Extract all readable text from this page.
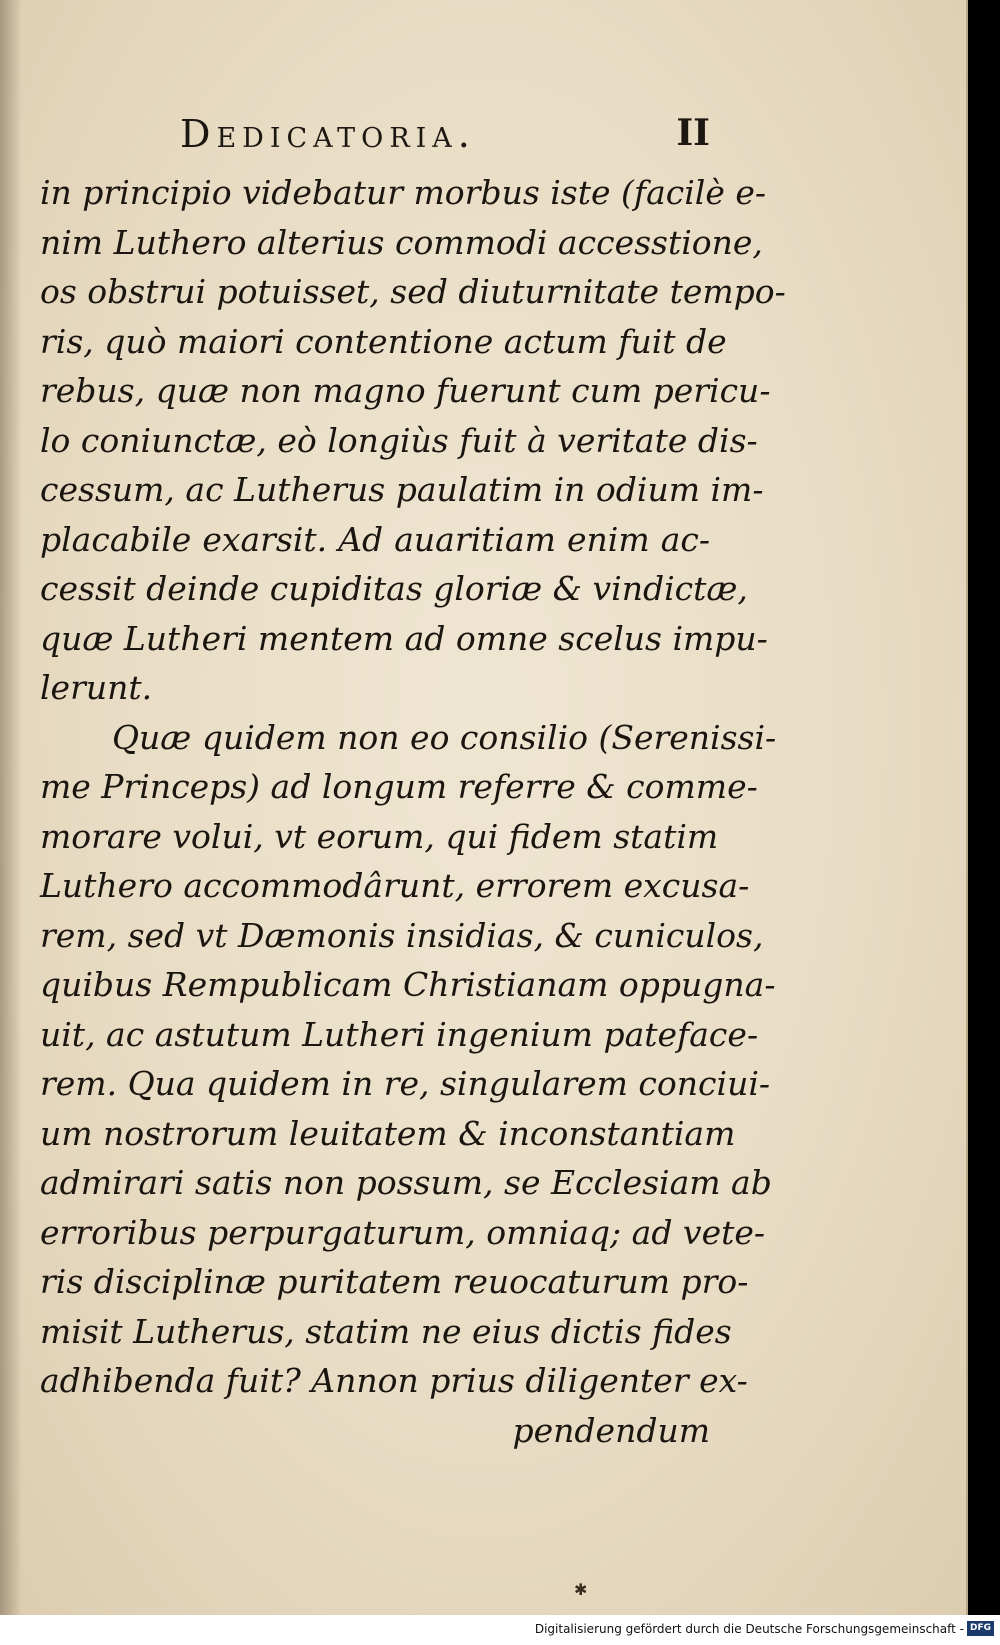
Dedicatoria.	II
in principio videbatur morbus iste (facilè e-
nim Luthero alterius commodi accesstione,
os obstrui potuisset, sed diuturnitate tempo-
ris, quò maiori contentione actum fuit de
rebus, quæ non magno fuerunt cum pericu-
lo coniunctæ, eò longiùs fuit à veritate dis-
cessum, ac Lutherus paulatim in odium im-
placabile exarsit. Ad auaritiam enim ac-
cessit deinde cupiditas gloriæ & vindictæ,
quæ Lutheri mentem ad omne scelus impu-
lerunt.
Quæ quidem non eo consilio (Serenissi-
me Princeps) ad longum referre & comme-
morare volui, vt eorum, qui fidem statim
Luthero accommodârunt, errorem excusa-
rem, sed vt Dæmonis insidias, & cuniculos,
quibus Rempublicam Christianam oppugna-
uit, ac astutum Lutheri ingenium pateface-
rem. Qua quidem in re, singularem conciui-
um nostrorum leuitatem & inconstantiam
admirari satis non possum, se Ecclesiam ab
erroribus perpurgaturum, omniaq; ad vete-
ris disciplinæ puritatem reuocaturum pro-
misit Lutherus, statim ne eius dictis fides
adhibenda fuit? Annon prius diligenter ex-
pendendum
✱
Digitalisierung gefördert durch die Deutsche Forschungsgemeinschaft - DFG
